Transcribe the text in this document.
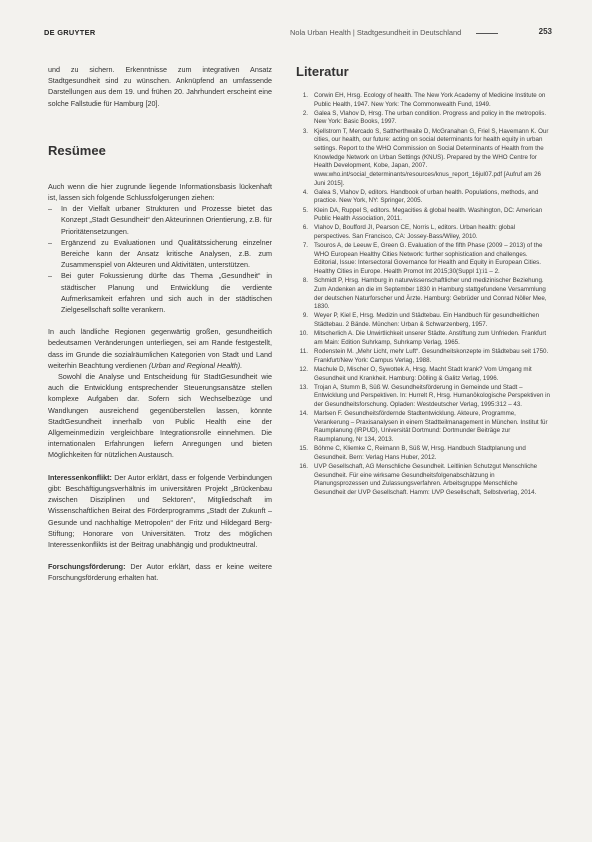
DE GRUYTER	Nola Urban Health | Stadtgesundheit in Deutschland	253

und zu sichern. Erkenntnisse zum integrativen Ansatz Stadtgesundheit sind zu wünschen. Anknüpfend an umfassende Darstellungen aus dem 19. und frühen 20. Jahrhundert erscheint eine solche Fallstudie für Hamburg [20].

Resümee

Auch wenn die hier zugrunde liegende Informationsbasis lückenhaft ist, lassen sich folgende Schlussfolgerungen ziehen:

– In der Vielfalt urbaner Strukturen und Prozesse bietet das Konzept „Stadt Gesundheit“ den Akteurinnen Orientierung, z.B. für Prioritätensetzungen.
– Ergänzend zu Evaluationen und Qualitätssicherung einzelner Bereiche kann der Ansatz kritische Analysen, z.B. zum Zusammenspiel von Akteuren und Aktivitäten, unterstützen.
– Bei guter Fokussierung dürfte das Thema „Gesundheit“ in städtischer Planung und Entwicklung die verdiente Aufmerksamkeit erfahren und sich auch in der städtischen Zielgesellschaft sollte verankern.

In auch ländliche Regionen gegenwärtig großen, gesundheitlich bedeutsamen Veränderungen unterliegen, sei am Rande festgestellt, dass im Grunde die sozialräumlichen Kategorien von Stadt und Land weiterhin Beachtung verdienen (Urban and Regional Health).

Sowohl die Analyse und Entscheidung für StadtGesundheit wie auch die Entwicklung entsprechender Steuerungsansätze stellen komplexe Aufgaben dar. Sofern sich Wechselbezüge und Wandlungen ausreichend gegenüberstellen lassen, könnte StadtGesundheit innerhalb von Public Health eine der Allgemeinmedizin vergleichbare Integrationsrolle einnehmen. Die internationalen Erfahrungen liefern Anregungen und bieten Möglichkeiten für nützlichen Austausch.

Interessenkonflikt: Der Autor erklärt, dass er folgende Verbindungen gibt: Beschäftigungsverhältnis im universitären Projekt „Brückenbau zwischen Disziplinen und Sektoren“, Mitgliedschaft im Wissenschaftlichen Beirat des Förderprogramms „Stadt der Zukunft – Gesunde und nachhaltige Metropolen“ der Fritz und Hildegard Berg-Stiftung; Honorare von Universitäten. Trotz des möglichen Interessenkonflikts ist der Beitrag unabhängig und produktneutral.

Forschungsförderung: Der Autor erklärt, dass er keine weitere Forschungsförderung erhalten hat.

Literatur
1. Corwin EH, Hrsg. Ecology of health. The New York Academy of Medicine Institute on Public Health, 1947. New York: The Commonwealth Fund, 1949.
2. Galea S, Vlahov D, Hrsg. The urban condition. Progress and policy in the metropolis. New York: Basic Books, 1997.
3. Kjellstrom T, Mercado S, Sattherthwaite D, McGranahan G, Friel S, Havemann K. Our cities, our health, our future: acting on social determinants for health equity in urban settings. Report to the WHO Commission on Social Determinants of Health from the Knowledge Network on Urban Settings (KNUS). Prepared by the WHO Centre for Health Development, Kobe, Japan, 2007. www.who.int/social_determinants/resources/knus_report_16jul07.pdf [Aufruf am 26 Juni 2015].
4. Galea S, Vlahov D, editors. Handbook of urban health. Populations, methods, and practice. New York, NY: Springer, 2005.
5. Klein DA, Ruppel S, editors. Megacities & global health. Washington, DC: American Public Health Association, 2011.
6. Vlahov D, Boufford JI, Pearson CE, Norris L, editors. Urban health: global perspectives. San Francisco, CA: Jossey-Bass/Wiley, 2010.
7. Tsouros A, de Leeuw E, Green G. Evaluation of the fifth Phase (2009 – 2013) of the WHO European Healthy Cities Network: further sophistication and challenges. Editorial, Issue: Intersectoral Governance for Health and Equity in European Cities. Healthy Cities in Europe. Health Promot Int 2015;30(Suppl 1):i1 – 2.
8. Schmidt P, Hrsg. Hamburg in naturwissenschaftlicher und medizinischer Beziehung. Zum Andenken an die im September 1830 in Hamburg stattgefundene Versammlung der deutschen Naturforscher und Ärzte. Hamburg: Gebrüder und Conrad Nöller Mee, 1830.
9. Weyer P, Kiel E, Hrsg. Medizin und Städtebau. Ein Handbuch für gesundheitlichen Städtebau. 2 Bände. München: Urban & Schwarzenberg, 1957.
10. Mitscherlich A. Die Unwirtlichkeit unserer Städte. Anstiftung zum Unfrieden. Frankfurt am Main: Edition Suhrkamp, Suhrkamp Verlag, 1965.
11. Rodenstein M. „Mehr Licht, mehr Luft“. Gesundheitskonzepte im Städtebau seit 1750. Frankfurt/New York: Campus Verlag, 1988.
12. Machule D, Mischer O, Sywottek A, Hrsg. Macht Stadt krank? Vom Umgang mit Gesundheit und Krankheit. Hamburg: Dölling & Galitz Verlag, 1996.
13. Trojan A, Stumm B, Süß W. Gesundheitsförderung in Gemeinde und Stadt – Entwicklung und Perspektiven. In: Hurrelt R, Hrsg. Humanökologische Perspektiven in der Gesundheitsforschung. Opladen: Westdeutscher Verlag, 1995:312 – 43.
14. Marlsen F. Gesundheitsfördernde Stadtentwicklung. Akteure, Programme, Verankerung – Praxisanalysen in einem Stadtteilmanagement in München. Institut für Raumplanung (IRPUD), Universität Dortmund: Dortmunder Beiträge zur Raumplanung, Nr 134, 2013.
15. Böhme C, Kliemke C, Reimann B, Süß W, Hrsg. Handbuch Stadtplanung und Gesundheit. Bern: Verlag Hans Huber, 2012.
16. UVP Gesellschaft, AG Menschliche Gesundheit. Leitlinien Schutzgut Menschliche Gesundheit. Für eine wirksame Gesundheitsfolgenabschätzung in Planungsprozessen und Zulassungsverfahren. Arbeitsgruppe Menschliche Gesundheit der UVP Gesellschaft. Hamm: UVP Gesellschaft, Selbstverlag, 2014.
